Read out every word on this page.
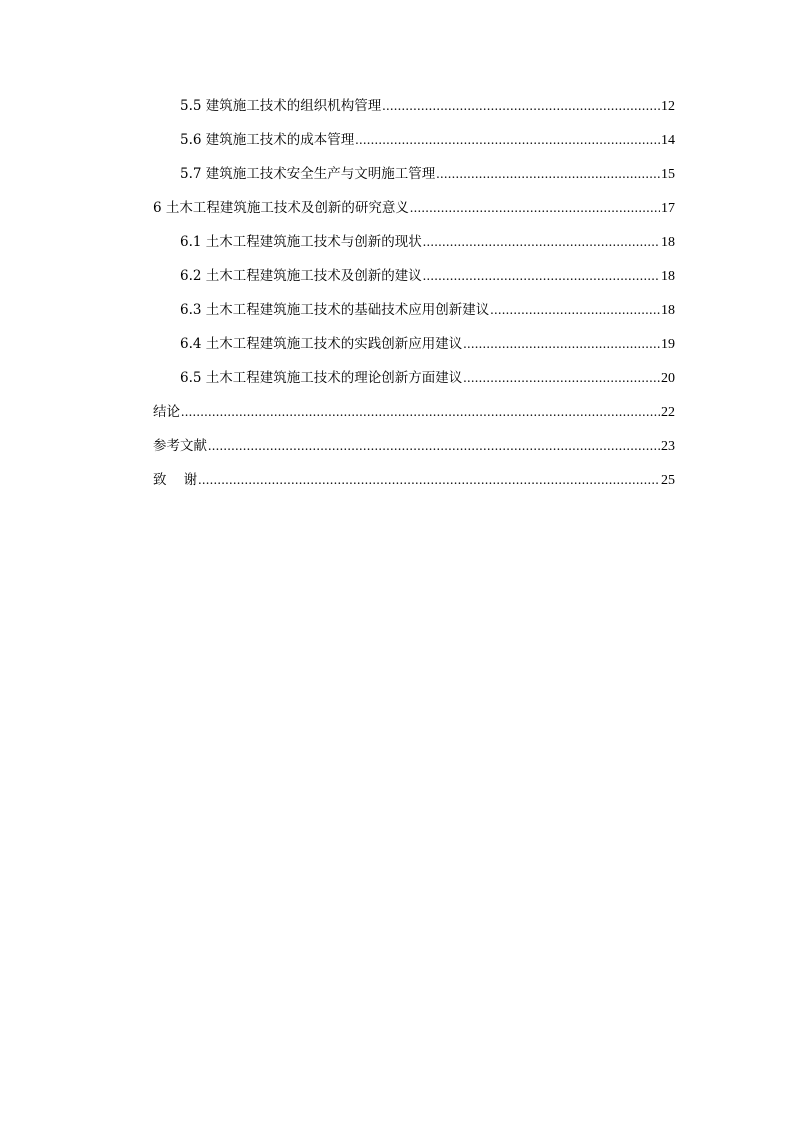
5.5 建筑施工技术的组织机构管理 .....	12
5.6 建筑施工技术的成本管理 .....	14
5.7 建筑施工技术安全生产与文明施工管理 .....	15
6 土木工程建筑施工技术及创新的研究意义 .....	17
6.1 土木工程建筑施工技术与创新的现状 .....	18
6.2 土木工程建筑施工技术及创新的建议 .....	18
6.3 土木工程建筑施工技术的基础技术应用创新建议 .....	18
6.4 土木工程建筑施工技术的实践创新应用建议 .....	19
6.5 土木工程建筑施工技术的理论创新方面建议 .....	20
结论 .....	22
参考文献 .....	23
致    谢 .....	25
